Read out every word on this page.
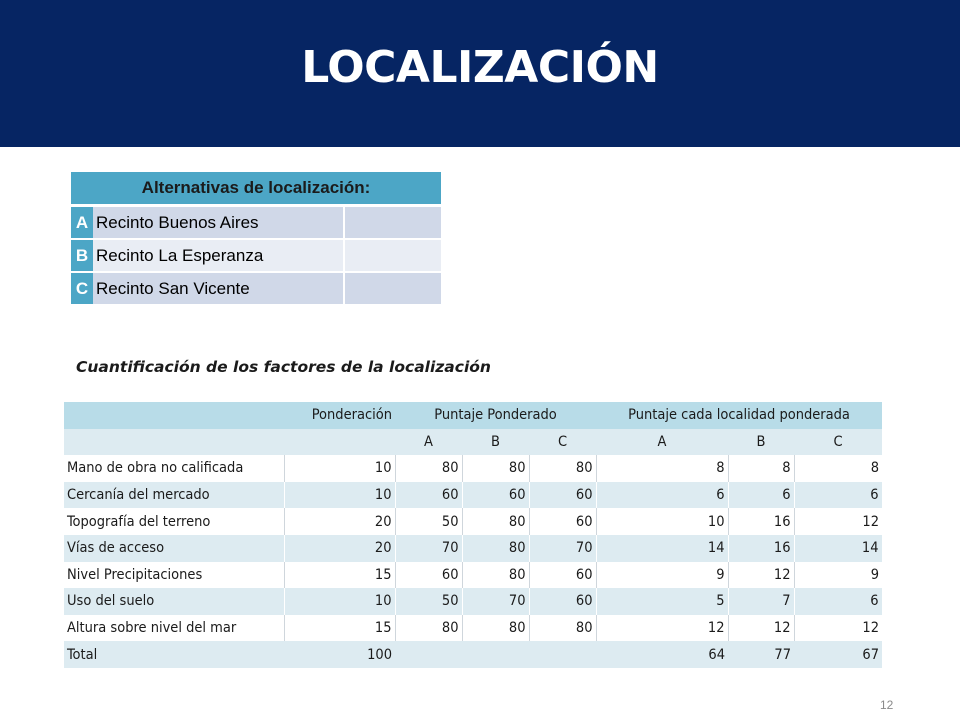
LOCALIZACIÓN
Alternativas de localización:
A Recinto Buenos Aires
B Recinto La Esperanza
C Recinto San Vicente
Cuantificación de los factores de la localización
	Ponderación	Puntaje Ponderado			Puntaje cada localidad ponderada		
		A	B	C	A	B	C
Mano de obra no calificada	10	80	80	80	8	8	8
Cercanía del mercado	10	60	60	60	6	6	6
Topografía del terreno	20	50	80	60	10	16	12
Vías de acceso	20	70	80	70	14	16	14
Nivel Precipitaciones	15	60	80	60	9	12	9
Uso del suelo	10	50	70	60	5	7	6
Altura sobre nivel del mar	15	80	80	80	12	12	12
Total	100				64	77	67
12
